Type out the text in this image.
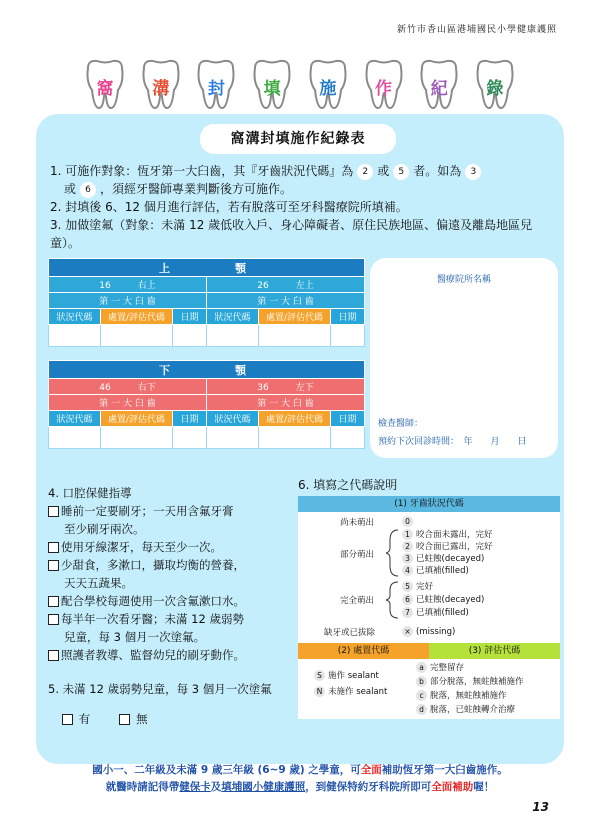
新竹市香山區港埔國民小學健康護照
窩	溝	封	填	施	作	紀	錄
窩溝封填施作紀錄表
1. 可施作對象：恆牙第一大臼齒，其『牙齒狀況代碼』為 2 或 5 者。如為 3
或 6 ，須經牙醫師專業判斷後方可施作。
2. 封填後 6、12 個月進行評估，若有脫落可至牙科醫療院所填補。
3. 加做塗氟（對象：未滿 12 歲低收入戶、身心障礙者、原住民族地區、偏遠及離島地區兒童）。
上　　　顎					
16　　　 右上			26　　　 左上		
第 一 大 臼 齒			第 一 大 臼 齒		
狀況代碼	處置/評估代碼	日期	狀況代碼	處置/評估代碼	日期

下　　　顎					
46　　　 右下			36　　　 左下		
第 一 大 臼 齒			第 一 大 臼 齒		
狀況代碼	處置/評估代碼	日期	狀況代碼	處置/評估代碼	日期

醫療院所名稱
檢查醫師：
預約下次回診時間：　年　　月　　日
4. 口腔保健指導
睡前一定要刷牙；一天用含氟牙膏
至少刷牙兩次。
使用牙線潔牙，每天至少一次。
少甜食，多漱口，攝取均衡的營養，
天天五蔬果。
配合學校每週使用一次含氟漱口水。
每半年一次看牙醫；未滿 12 歲弱勢
兒童，每 3 個月一次塗氟。
照護者教導、監督幼兒的刷牙動作。
5. 未滿 12 歲弱勢兒童，每 3 個月一次塗氟
有	無
6. 填寫之代碼說明
(1) 牙齒狀況代碼
尚未萌出	0
部分萌出
1 咬合面未露出，完好
2 咬合面已露出，完好
3 已蛀蝕(decayed)
4 已填補(filled)
完全萌出
5 完好
6 已蛀蝕(decayed)
7 已填補(filled)
缺牙或已拔除	× (missing)
(2) 處置代碼	(3) 評估代碼
S 施作 sealant
N 未施作 sealant
a 完整留存
b 部分脫落，無蛀蝕補施作
c 脫落，無蛀蝕補施作
d 脫落，已蛀蝕轉介治療
國小一、二年級及未滿 9 歲三年級 (6~9 歲) 之學童，可全面補助恆牙第一大臼齒施作。
就醫時請記得帶健保卡及填埔國小健康護照，到健保特約牙科院所即可全面補助喔！
13
